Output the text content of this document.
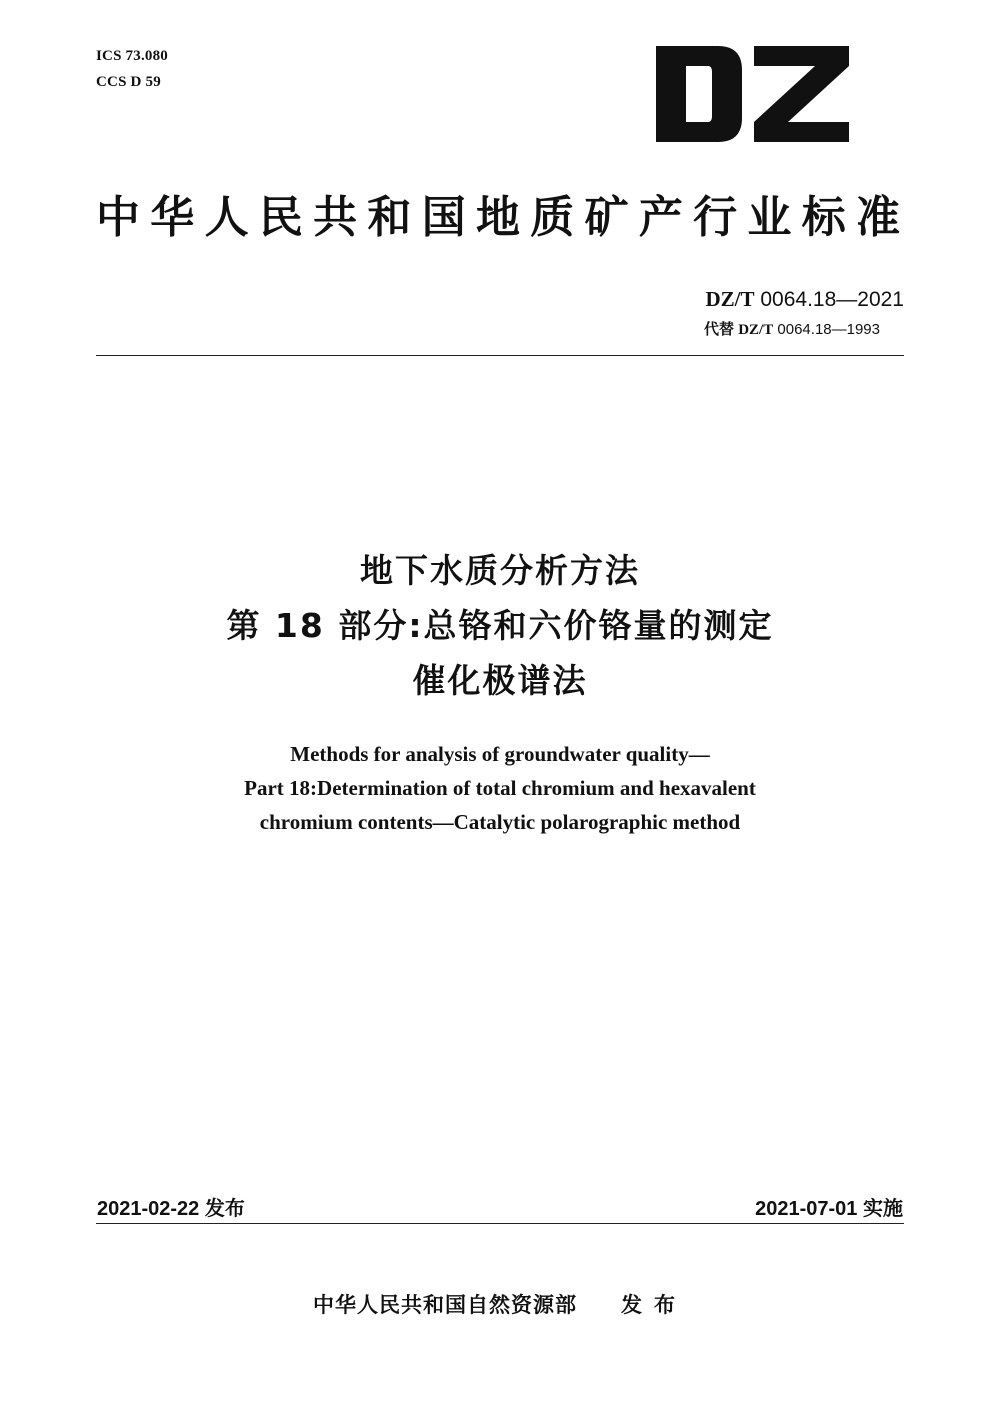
ICS 73.080
CCS D 59
中华人民共和国地质矿产行业标准
DZ/T 0064.18—2021
代替 DZ/T 0064.18—1993
地下水质分析方法
第 18 部分:总铬和六价铬量的测定
催化极谱法
Methods for analysis of groundwater quality—
Part 18:Determination of total chromium and hexavalent
chromium contents—Catalytic polarographic method
2021-02-22 发布	2021-07-01 实施
中华人民共和国自然资源部 发布
